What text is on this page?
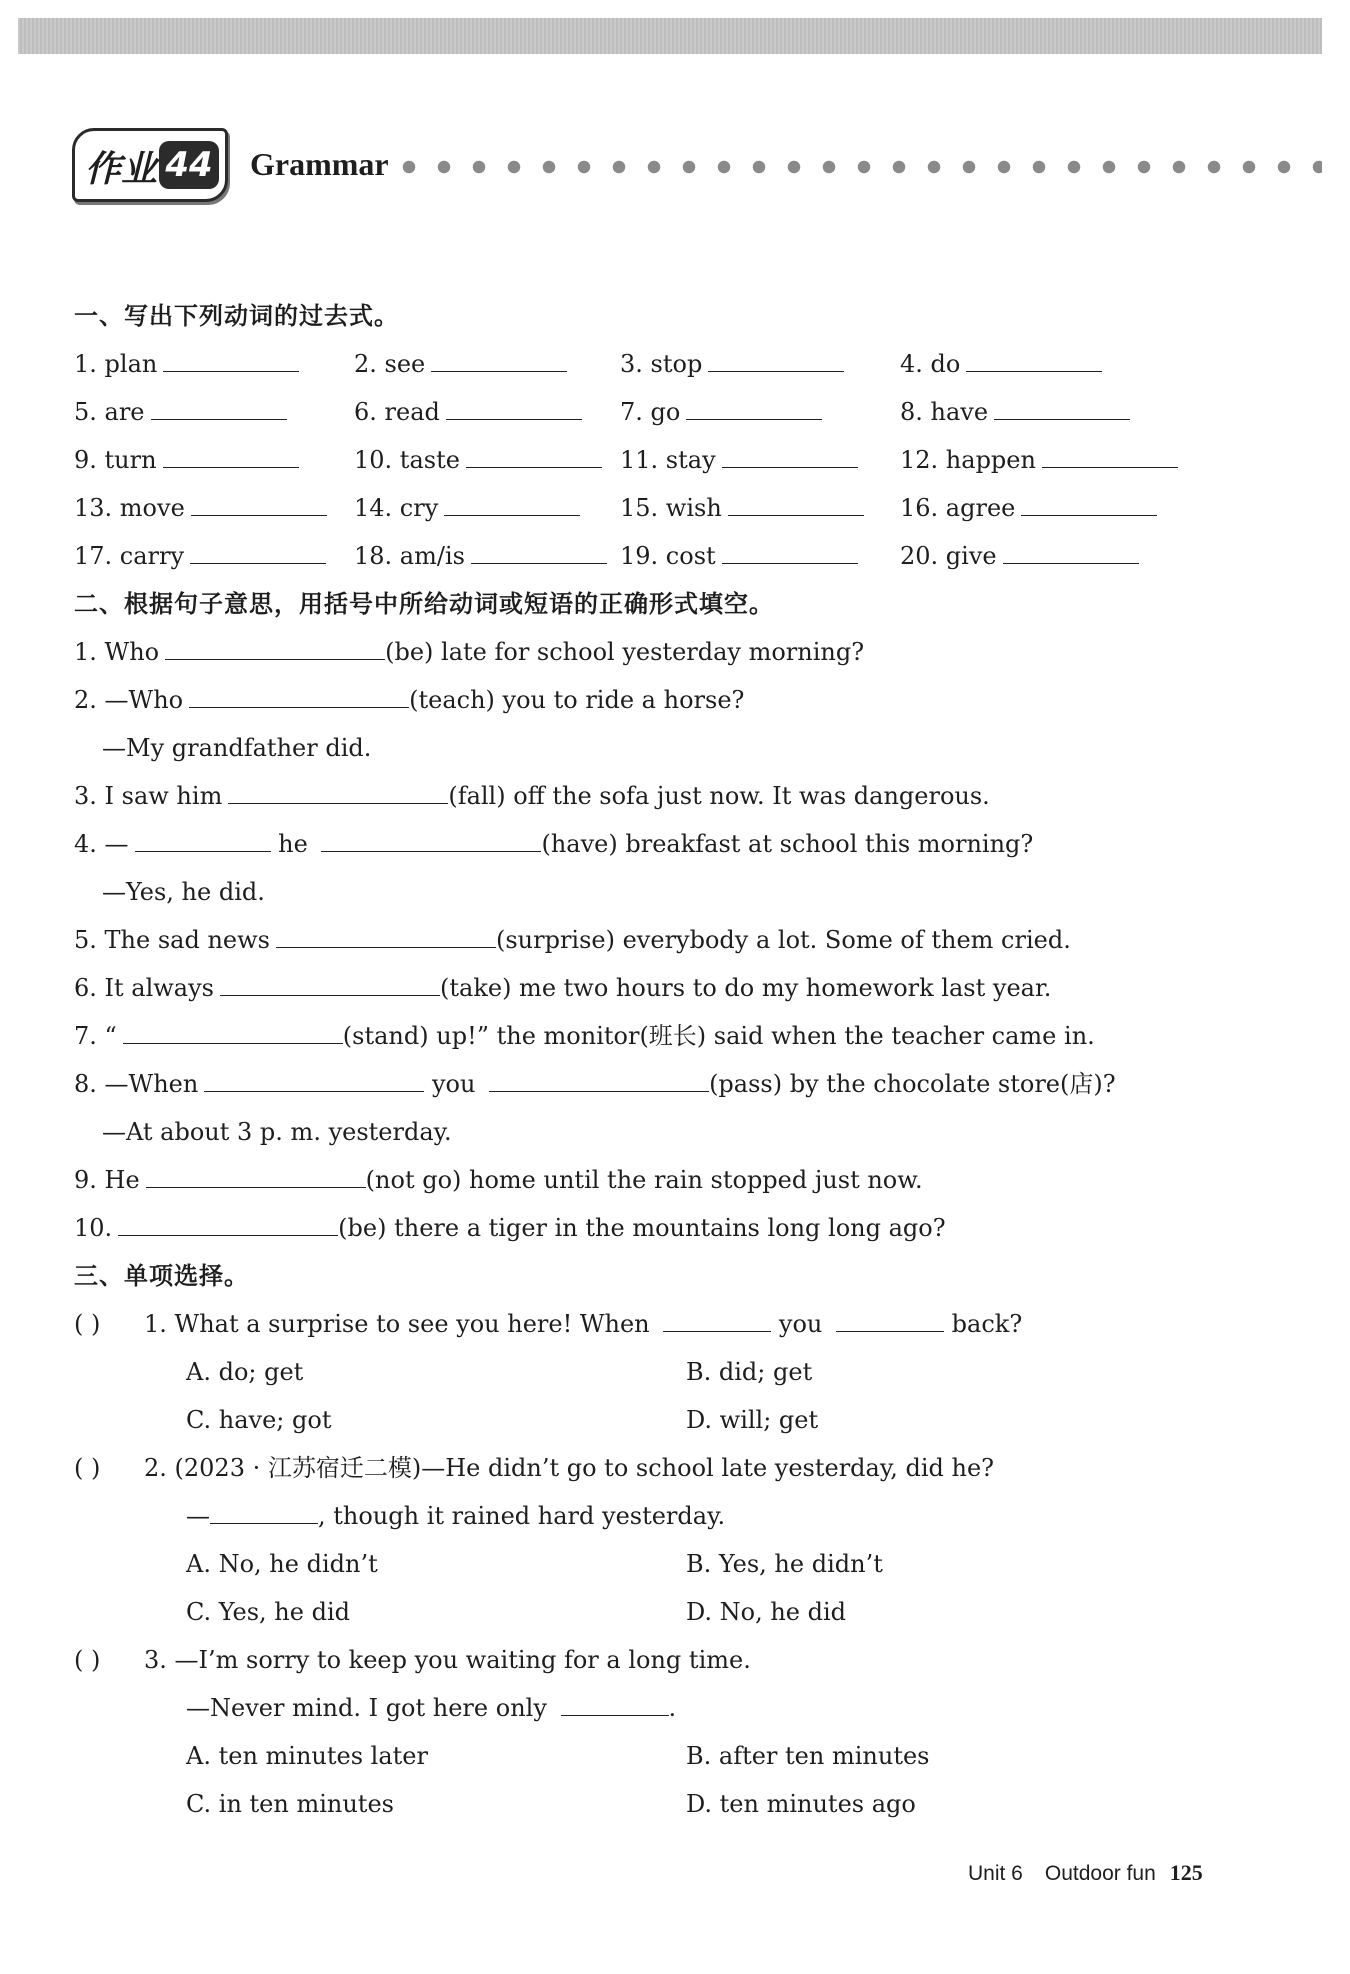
作业 44 Grammar
一、写出下列动词的过去式。
1. plan	2. see	3. stop	4. do
5. are	6. read	7. go	8. have
9. turn	10. taste	11. stay	12. happen
13. move	14. cry	15. wish	16. agree
17. carry	18. am/is	19. cost	20. give
二、根据句子意思，用括号中所给动词或短语的正确形式填空。
1. Who	(be) late for school yesterday morning?
2. —Who	(teach) you to ride a horse?
—My grandfather did.
3. I saw him	(fall) off the sofa just now. It was dangerous.
4. —	he	(have) breakfast at school this morning?
—Yes, he did.
5. The sad news	(surprise) everybody a lot. Some of them cried.
6. It always	(take) me two hours to do my homework last year.
7. “	(stand) up!” the monitor(班长) said when the teacher came in.
8. —When	you	(pass) by the chocolate store(店)?
—At about 3 p. m. yesterday.
9. He	(not go) home until the rain stopped just now.
10.	(be) there a tiger in the mountains long long ago?
三、单项选择。
( ) 1. What a surprise to see you here! When	you	back?
A. do; get	B. did; get
C. have; got	D. will; get
( ) 2. (2023 · 江苏宿迁二模)—He didn’t go to school late yesterday, did he?
—	, though it rained hard yesterday.
A. No, he didn’t	B. Yes, he didn’t
C. Yes, he did	D. No, he did
( ) 3. —I’m sorry to keep you waiting for a long time.
—Never mind. I got here only	.
A. ten minutes later	B. after ten minutes
C. in ten minutes	D. ten minutes ago
Unit 6 Outdoor fun 125
